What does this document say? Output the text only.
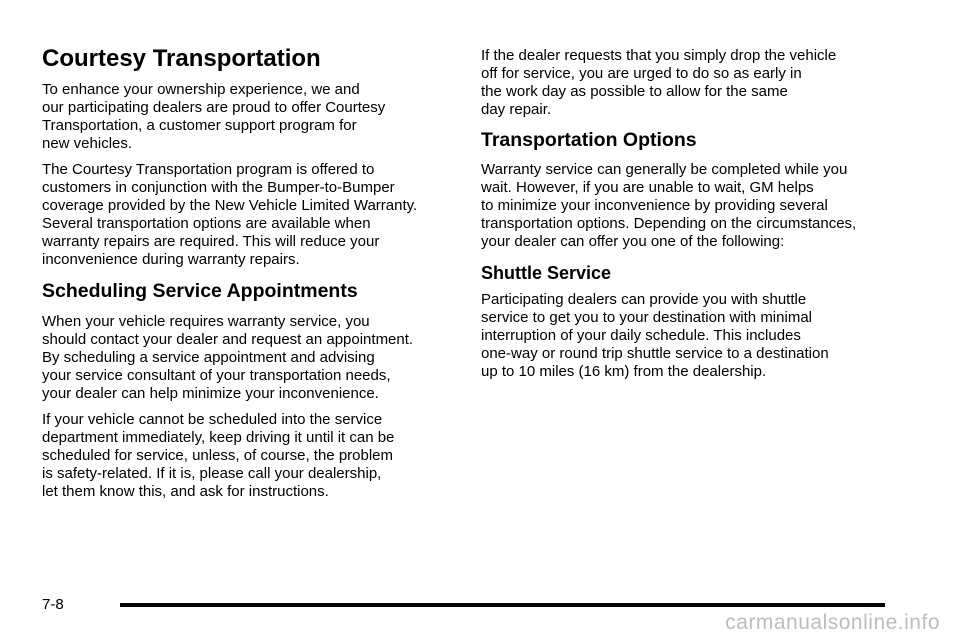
Courtesy Transportation
To enhance your ownership experience, we and
our participating dealers are proud to offer Courtesy
Transportation, a customer support program for
new vehicles.
The Courtesy Transportation program is offered to
customers in conjunction with the Bumper-to-Bumper
coverage provided by the New Vehicle Limited Warranty.
Several transportation options are available when
warranty repairs are required. This will reduce your
inconvenience during warranty repairs.
Scheduling Service Appointments
When your vehicle requires warranty service, you
should contact your dealer and request an appointment.
By scheduling a service appointment and advising
your service consultant of your transportation needs,
your dealer can help minimize your inconvenience.
If your vehicle cannot be scheduled into the service
department immediately, keep driving it until it can be
scheduled for service, unless, of course, the problem
is safety-related. If it is, please call your dealership,
let them know this, and ask for instructions.
If the dealer requests that you simply drop the vehicle
off for service, you are urged to do so as early in
the work day as possible to allow for the same
day repair.
Transportation Options
Warranty service can generally be completed while you
wait. However, if you are unable to wait, GM helps
to minimize your inconvenience by providing several
transportation options. Depending on the circumstances,
your dealer can offer you one of the following:
Shuttle Service
Participating dealers can provide you with shuttle
service to get you to your destination with minimal
interruption of your daily schedule. This includes
one-way or round trip shuttle service to a destination
up to 10 miles (16 km) from the dealership.
7-8
carmanualsonline.info
